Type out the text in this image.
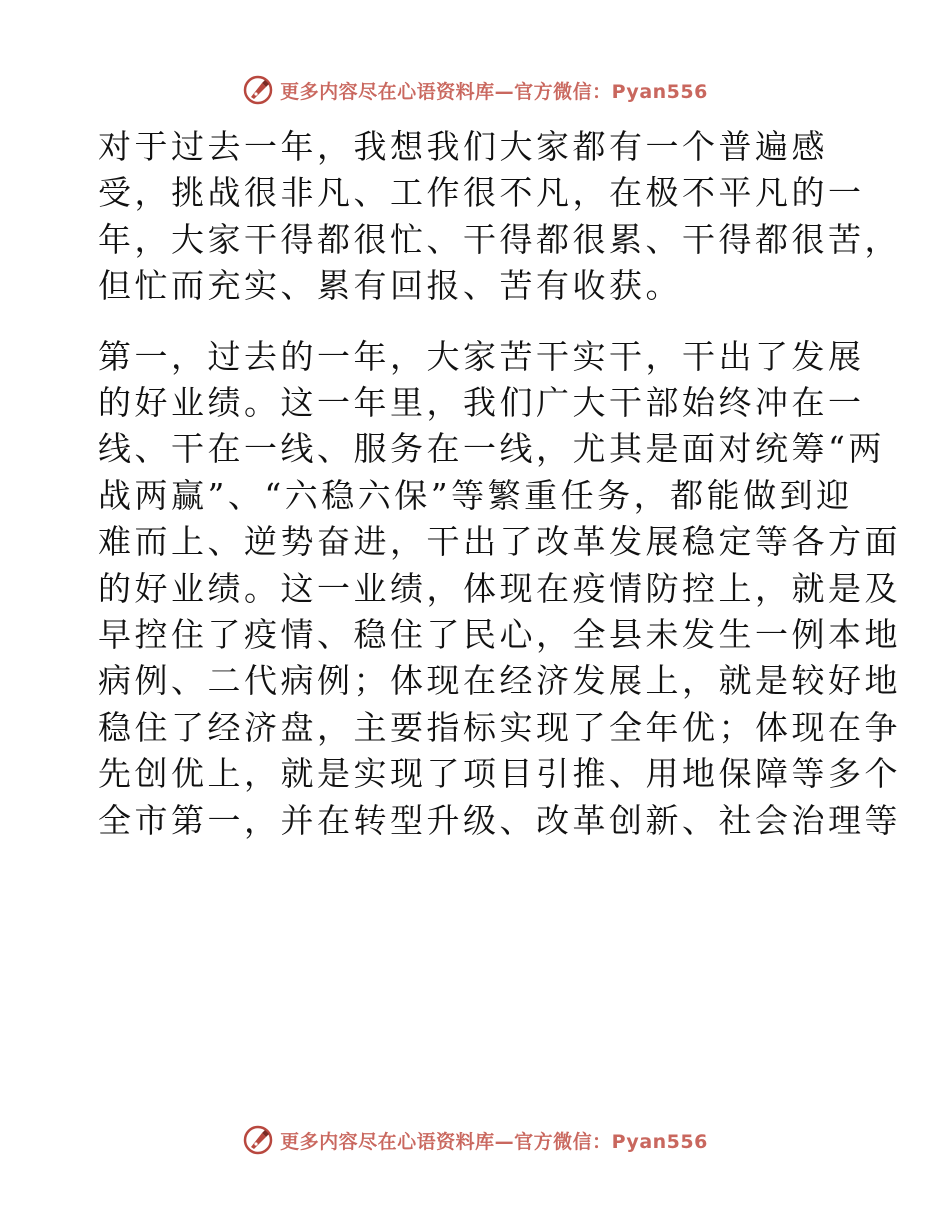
更多内容尽在心语资料库—官方微信：Pyan556

对于过去一年，我想我们大家都有一个普遍感
受，挑战很非凡、工作很不凡，在极不平凡的一
年，大家干得都很忙、干得都很累、干得都很苦，
但忙而充实、累有回报、苦有收获。

第一，过去的一年，大家苦干实干，干出了发展
的好业绩。这一年里，我们广大干部始终冲在一
线、干在一线、服务在一线，尤其是面对统筹“两
战两赢”、“六稳六保”等繁重任务，都能做到迎
难而上、逆势奋进，干出了改革发展稳定等各方面
的好业绩。这一业绩，体现在疫情防控上，就是及
早控住了疫情、稳住了民心，全县未发生一例本地
病例、二代病例；体现在经济发展上，就是较好地
稳住了经济盘，主要指标实现了全年优；体现在争
先创优上，就是实现了项目引推、用地保障等多个
全市第一，并在转型升级、改革创新、社会治理等

更多内容尽在心语资料库—官方微信：Pyan556
